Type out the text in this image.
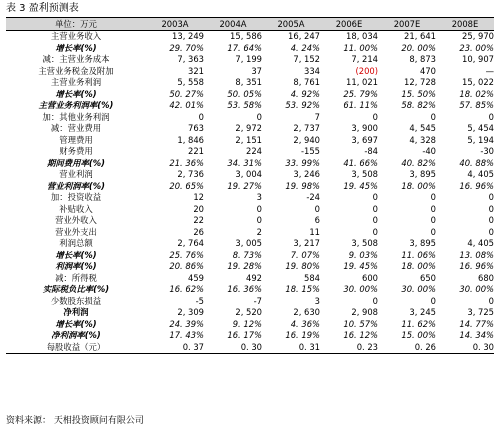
表 3 盈利预测表
单位：万元	2003A	2004A	2005A	2006E	2007E	2008E
主营业务收入	13, 249	15, 586	16, 247	18, 034	21, 641	25, 970
增长率(%)	29. 70%	17. 64%	4. 24%	11. 00%	20. 00%	23. 00%
减：主营业务成本	7, 363	7, 199	7, 152	7, 214	8, 873	10, 907
主营业务税金及附加	321	37	334	(200)	470	—
主营业务利润	5, 558	8, 351	8, 761	11, 021	12, 728	15, 022
增长率(%)	50. 27%	50. 05%	4. 92%	25. 79%	15. 50%	18. 02%
主营业务利润率(%)	42. 01%	53. 58%	53. 92%	61. 11%	58. 82%	57. 85%
加：其他业务利润	0	0	7	0	0	0
减：营业费用	763	2, 972	2, 737	3, 900	4, 545	5, 454
管理费用	1, 846	2, 151	2, 940	3, 697	4, 328	5, 194
财务费用	221	224	-155	-84	-40	-30
期间费用率(%)	21. 36%	34. 31%	33. 99%	41. 66%	40. 82%	40. 88%
营业利润	2, 736	3, 004	3, 246	3, 508	3, 895	4, 405
营业利润率(%)	20. 65%	19. 27%	19. 98%	19. 45%	18. 00%	16. 96%
加：投资收益	12	3	-24	0	0	0
补贴收入	20	0	0	0	0	0
营业外收入	22	0	6	0	0	0
营业外支出	26	2	11	0	0	0
利润总额	2, 764	3, 005	3, 217	3, 508	3, 895	4, 405
增长率(%)	25. 76%	8. 73%	7. 07%	9. 03%	11. 06%	13. 08%
利润率(%)	20. 86%	19. 28%	19. 80%	19. 45%	18. 00%	16. 96%
减：所得税	459	492	584	600	650	680
实际税负比率(%)	16. 62%	16. 36%	18. 15%	30. 00%	30. 00%	30. 00%
少数股东损益	-5	-7	3	0	0	0
净利润	2, 309	2, 520	2, 630	2, 908	3, 245	3, 725
增长率(%)	24. 39%	9. 12%	4. 36%	10. 57%	11. 62%	14. 77%
净利润率(%)	17. 43%	16. 17%	16. 19%	16. 12%	15. 00%	14. 34%
每股收益（元）	0. 37	0. 30	0. 31	0. 23	0. 26	0. 30
资料来源： 天相投资顾问有限公司
